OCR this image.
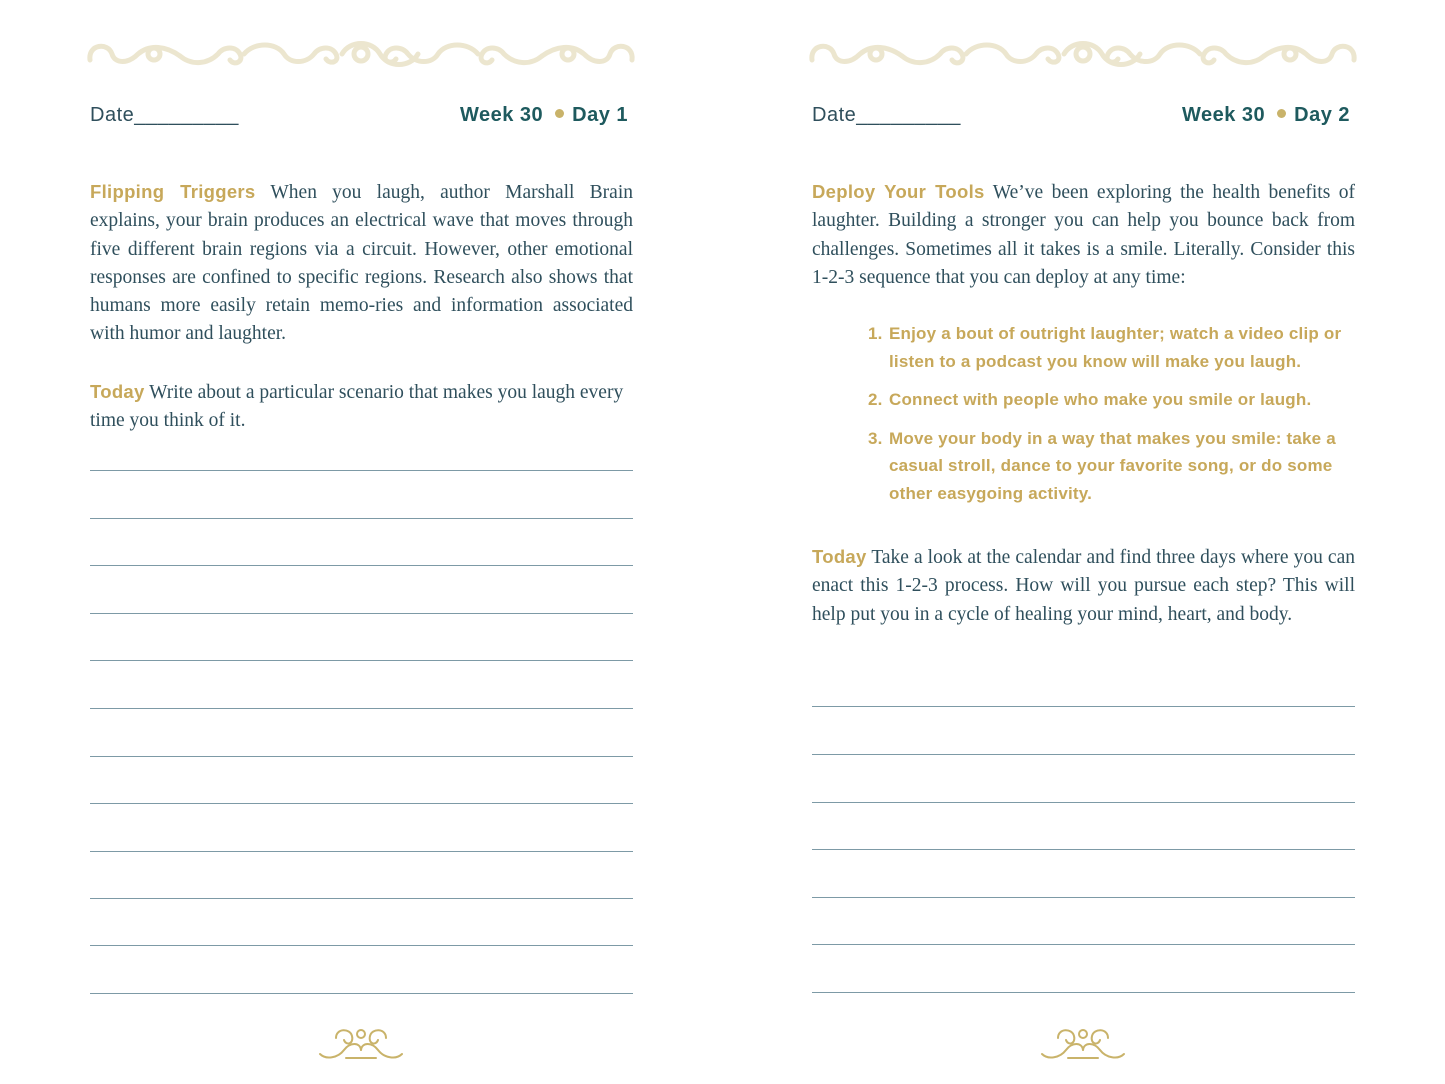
Date_________	Week 30 Day 1

Flipping Triggers When you laugh, author Marshall Brain explains, your brain produces an electrical wave that moves through five different brain regions via a circuit. However, other emotional responses are confined to specific regions. Research also shows that humans more easily retain memo-ries and information associated with humor and laughter.

Today Write about a particular scenario that makes you laugh every time you think of it.

Date_________	Week 30 Day 2

Deploy Your Tools We’ve been exploring the health benefits of laughter. Building a stronger you can help you bounce back from challenges. Sometimes all it takes is a smile. Literally. Consider this 1-2-3 sequence that you can deploy at any time:

1. Enjoy a bout of outright laughter; watch a video clip or listen to a podcast you know will make you laugh.
2. Connect with people who make you smile or laugh.
3. Move your body in a way that makes you smile: take a casual stroll, dance to your favorite song, or do some other easygoing activity.

Today Take a look at the calendar and find three days where you can enact this 1-2-3 process. How will you pursue each step? This will help put you in a cycle of healing your mind, heart, and body.
